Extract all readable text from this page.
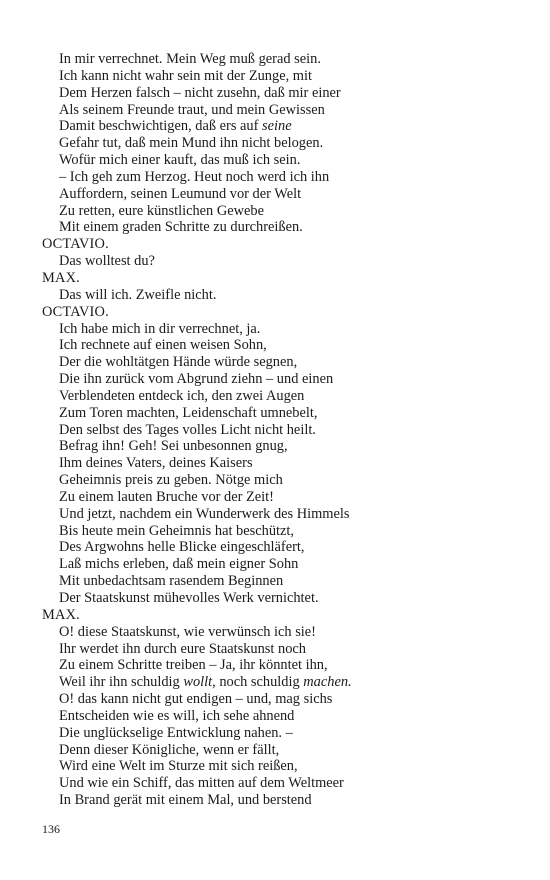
In mir verrechnet. Mein Weg muß gerad sein.
Ich kann nicht wahr sein mit der Zunge, mit
Dem Herzen falsch – nicht zusehn, daß mir einer
Als seinem Freunde traut, und mein Gewissen
Damit beschwichtigen, daß ers auf seine
Gefahr tut, daß mein Mund ihn nicht belogen.
Wofür mich einer kauft, das muß ich sein.
– Ich geh zum Herzog. Heut noch werd ich ihn
Auffordern, seinen Leumund vor der Welt
Zu retten, eure künstlichen Gewebe
Mit einem graden Schritte zu durchreißen.
OCTAVIO.
Das wolltest du?
MAX.
Das will ich. Zweifle nicht.
OCTAVIO.
Ich habe mich in dir verrechnet, ja.
Ich rechnete auf einen weisen Sohn,
Der die wohltätgen Hände würde segnen,
Die ihn zurück vom Abgrund ziehn – und einen
Verblendeten entdeck ich, den zwei Augen
Zum Toren machten, Leidenschaft umnebelt,
Den selbst des Tages volles Licht nicht heilt.
Befrag ihn! Geh! Sei unbesonnen gnug,
Ihm deines Vaters, deines Kaisers
Geheimnis preis zu geben. Nötge mich
Zu einem lauten Bruche vor der Zeit!
Und jetzt, nachdem ein Wunderwerk des Himmels
Bis heute mein Geheimnis hat beschützt,
Des Argwohns helle Blicke eingeschläfert,
Laß michs erleben, daß mein eigner Sohn
Mit unbedachtsam rasendem Beginnen
Der Staatskunst mühevolles Werk vernichtet.
MAX.
O! diese Staatskunst, wie verwünsch ich sie!
Ihr werdet ihn durch eure Staatskunst noch
Zu einem Schritte treiben – Ja, ihr könntet ihn,
Weil ihr ihn schuldig wollt, noch schuldig machen.
O! das kann nicht gut endigen – und, mag sichs
Entscheiden wie es will, ich sehe ahnend
Die unglückselige Entwicklung nahen. –
Denn dieser Königliche, wenn er fällt,
Wird eine Welt im Sturze mit sich reißen,
Und wie ein Schiff, das mitten auf dem Weltmeer
In Brand gerät mit einem Mal, und berstend
136
